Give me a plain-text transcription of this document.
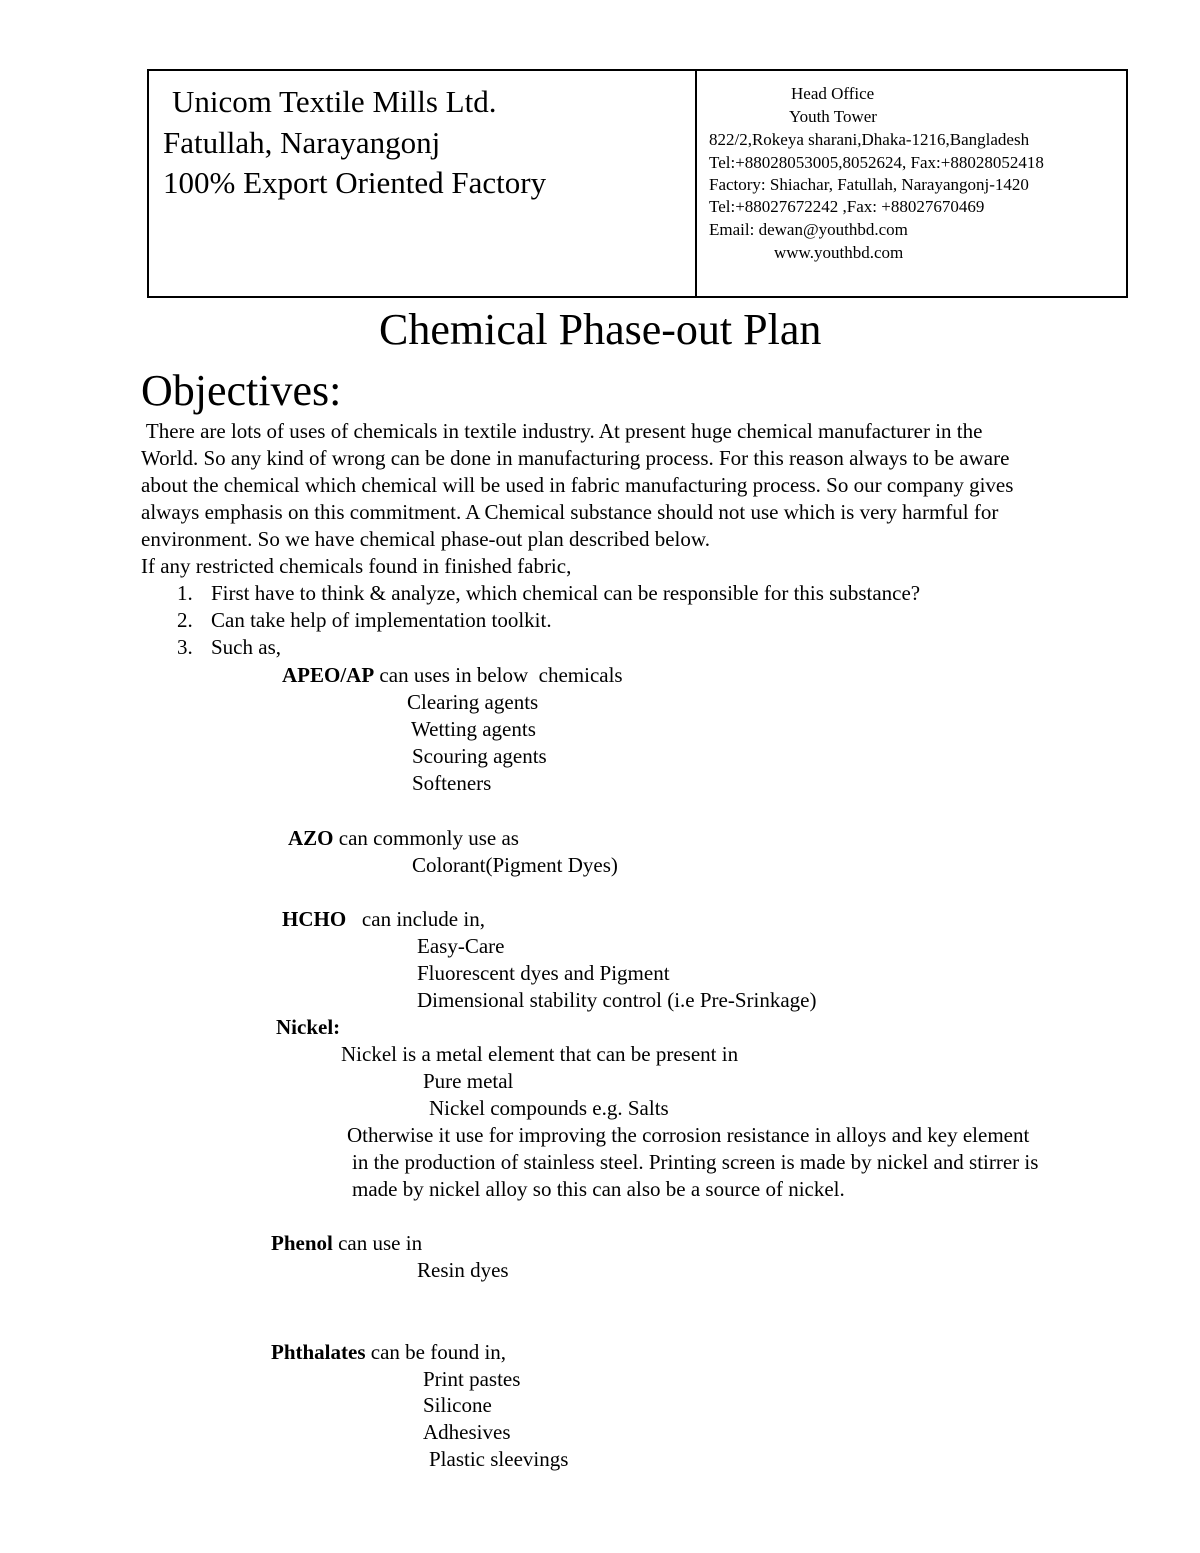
Unicom Textile Mills Ltd.
Fatullah, Narayangonj
100% Export Oriented Factory
Head Office
Youth Tower
822/2,Rokeya sharani,Dhaka-1216,Bangladesh
Tel:+88028053005,8052624, Fax:+88028052418
Factory: Shiachar, Fatullah, Narayangonj-1420
Tel:+88027672242 ,Fax: +88027670469
Email: dewan@youthbd.com
www.youthbd.com
Chemical Phase-out Plan
Objectives:
There are lots of uses of chemicals in textile industry. At present huge chemical manufacturer in the
World. So any kind of wrong can be done in manufacturing process. For this reason always to be aware
about the chemical which chemical will be used in fabric manufacturing process. So our company gives
always emphasis on this commitment. A Chemical substance should not use which is very harmful for
environment. So we have chemical phase-out plan described below.
If any restricted chemicals found in finished fabric,
1. First have to think & analyze, which chemical can be responsible for this substance?
2. Can take help of implementation toolkit.
3. Such as,
APEO/AP can uses in below  chemicals
Clearing agents
Wetting agents
Scouring agents
Softeners
AZO can commonly use as
Colorant(Pigment Dyes)
HCHO   can include in,
Easy-Care
Fluorescent dyes and Pigment
Dimensional stability control (i.e Pre-Srinkage)
Nickel:
Nickel is a metal element that can be present in
Pure metal
Nickel compounds e.g. Salts
Otherwise it use for improving the corrosion resistance in alloys and key element
in the production of stainless steel. Printing screen is made by nickel and stirrer is
made by nickel alloy so this can also be a source of nickel.
Phenol can use in
Resin dyes
Phthalates can be found in,
Print pastes
Silicone
Adhesives
Plastic sleevings
